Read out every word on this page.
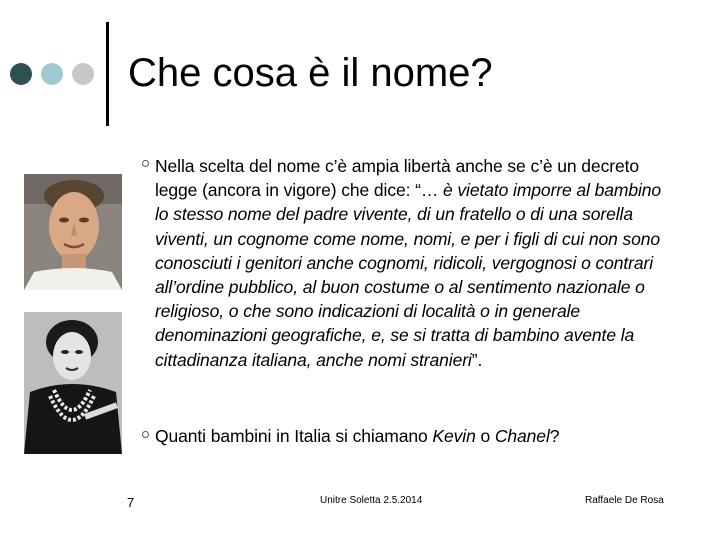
Che cosa è il nome?
Nella scelta del nome c’è ampia libertà anche se c’è un decreto legge (ancora in vigore) che dice: “… è vietato imporre al bambino lo stesso nome del padre vivente, di un fratello o di una sorella viventi, un cognome come nome, nomi, e per i figli di cui non sono conosciuti i genitori anche cognomi, ridicoli, vergognosi o contrari all’ordine pubblico, al buon costume o al sentimento nazionale o religioso, o che sono indicazioni di località o in generale denominazioni geografiche, e, se si tratta di bambino avente la cittadinanza italiana, anche nomi stranieri”.
Quanti bambini in Italia si chiamano Kevin o Chanel?
7	Unitre Soletta 2.5.2014	Raffaele De Rosa
